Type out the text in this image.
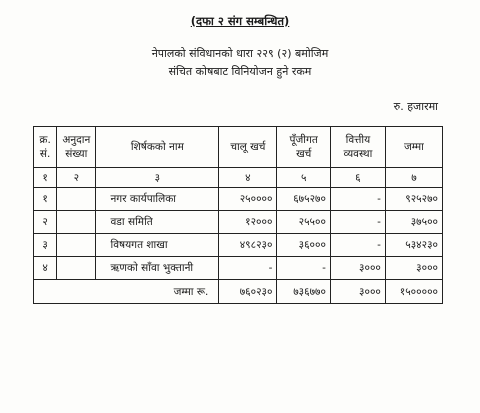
(दफा २ संग सम्बन्धित)
नेपालको संविधानको धारा २२९ (२) बमोजिम
संचित कोषबाट विनियोजन हुने रकम
रु. हजारमा
क्र. सं.	अनुदान संख्या	शिर्षकको नाम	चालू खर्च	पूँजीगत खर्च	वित्तीय व्यवस्था	जम्मा
१	२	३	४	५	६	७
१		नगर कार्यपालिका	२५००००	६७५२७०	-	९२५२७०
२		वडा समिति	१२०००	२५५००	-	३७५००
३		विषयगत शाखा	४९८२३०	३६०००	-	५३४२३०
४		ऋणको साँवा भुक्तानी	-	-	३०००	३०००
जम्मा रू.			७६०२३०	७३६७७०	३०००	१५०००००
